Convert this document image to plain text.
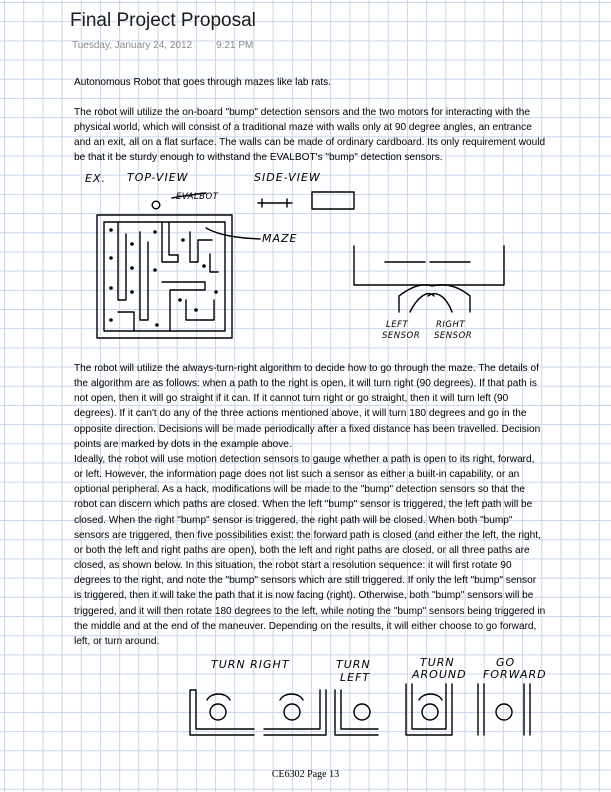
Final Project Proposal
Tuesday, January 24, 2012 9:21 PM

Autonomous Robot that goes through mazes like lab rats.

The robot will utilize the on-board "bump" detection sensors and the two motors for interacting with the physical world, which will consist of a traditional maze with walls only at 90 degree angles, an entrance and an exit, all on a flat surface. The walls can be made of ordinary cardboard. Its only requirement would be that it be sturdy enough to withstand the EVALBOT's "bump" detection sensors.

EX. TOP-VIEW	SIDE-VIEW
EVALBOT
MAZE
LEFT
SENSOR
RIGHT
SENSOR

The robot will utilize the always-turn-right algorithm to decide how to go through the maze. The details of the algorithm are as follows: when a path to the right is open, it will turn right (90 degrees). If that path is not open, then it will go straight if it can. If it cannot turn right or go straight, then it will turn left (90 degrees). If it can't do any of the three actions mentioned above, it will turn 180 degrees and go in the opposite direction. Decisions will be made periodically after a fixed distance has been travelled. Decision points are marked by dots in the example above.

Ideally, the robot will use motion detection sensors to gauge whether a path is open to its right, forward, or left. However, the information page does not list such a sensor as either a built-in capability, or an optional peripheral. As a hack, modifications will be made to the "bump" detection sensors so that the robot can discern which paths are closed. When the left "bump" sensor is triggered, the left path will be closed. When the right "bump" sensor is triggered, the right path will be closed. When both "bump" sensors are triggered, then five possibilities exist: the forward path is closed (and either the left, the right, or both the left and right paths are open), both the left and right paths are closed, or all three paths are closed, as shown below. In this situation, the robot start a resolution sequence: it will first rotate 90 degrees to the right, and note the "bump" sensors which are still triggered. If only the left "bump" sensor is triggered, then it will take the path that it is now facing (right). Otherwise, both "bump" sensors will be triggered, and it will then rotate 180 degrees to the left, while noting the "bump" sensors being triggered in the middle and at the end of the maneuver. Depending on the results, it will either choose to go forward, left, or turn around.

TURN RIGHT	TURN
LEFT
TURN
AROUND
GO
FORWARD
CE6302 Page 13
